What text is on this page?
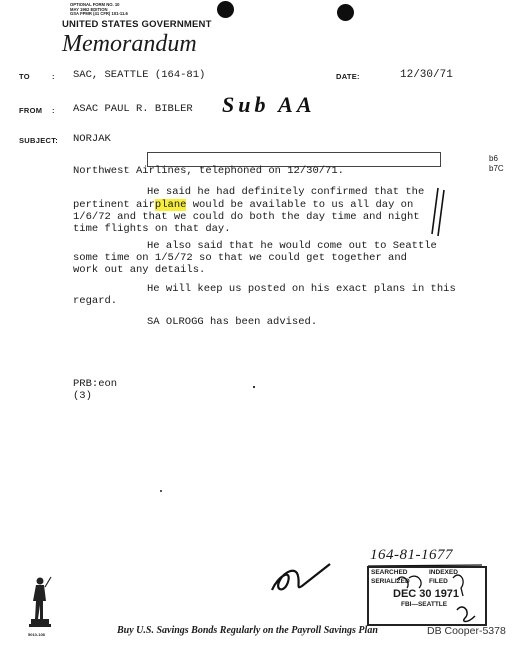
OPTIONAL FORM NO. 10
MAY 1962 EDITION
GSA FPMR (41 CFR) 101-11.6
UNITED STATES GOVERNMENT
Memorandum
TO	: SAC, SEATTLE (164-81)	DATE:	12/30/71
FROM : ASAC PAUL R. BIBLER Sub AA
SUBJECT: NORJAK
b6
b7C
Northwest Airlines, telephoned on 12/30/71.
He said he had definitely confirmed that the
pertinent airplane would be available to us all day on
1/6/72 and that we could do both the day time and night
time flights on that day.
He also said that he would come out to Seattle
some time on 1/5/72 so that we could get together and
work out any details.
He will keep us posted on his exact plans in this
regard.
SA OLROGG has been advised.
PRB:eon
(3)
5010-108
164-81-1677
SEARCHED	INDEXED
SERIALIZED	FILED
DEC 30 1971
FBI—SEATTLE
Buy U.S. Savings Bonds Regularly on the Payroll Savings Plan	DB Cooper-5378
